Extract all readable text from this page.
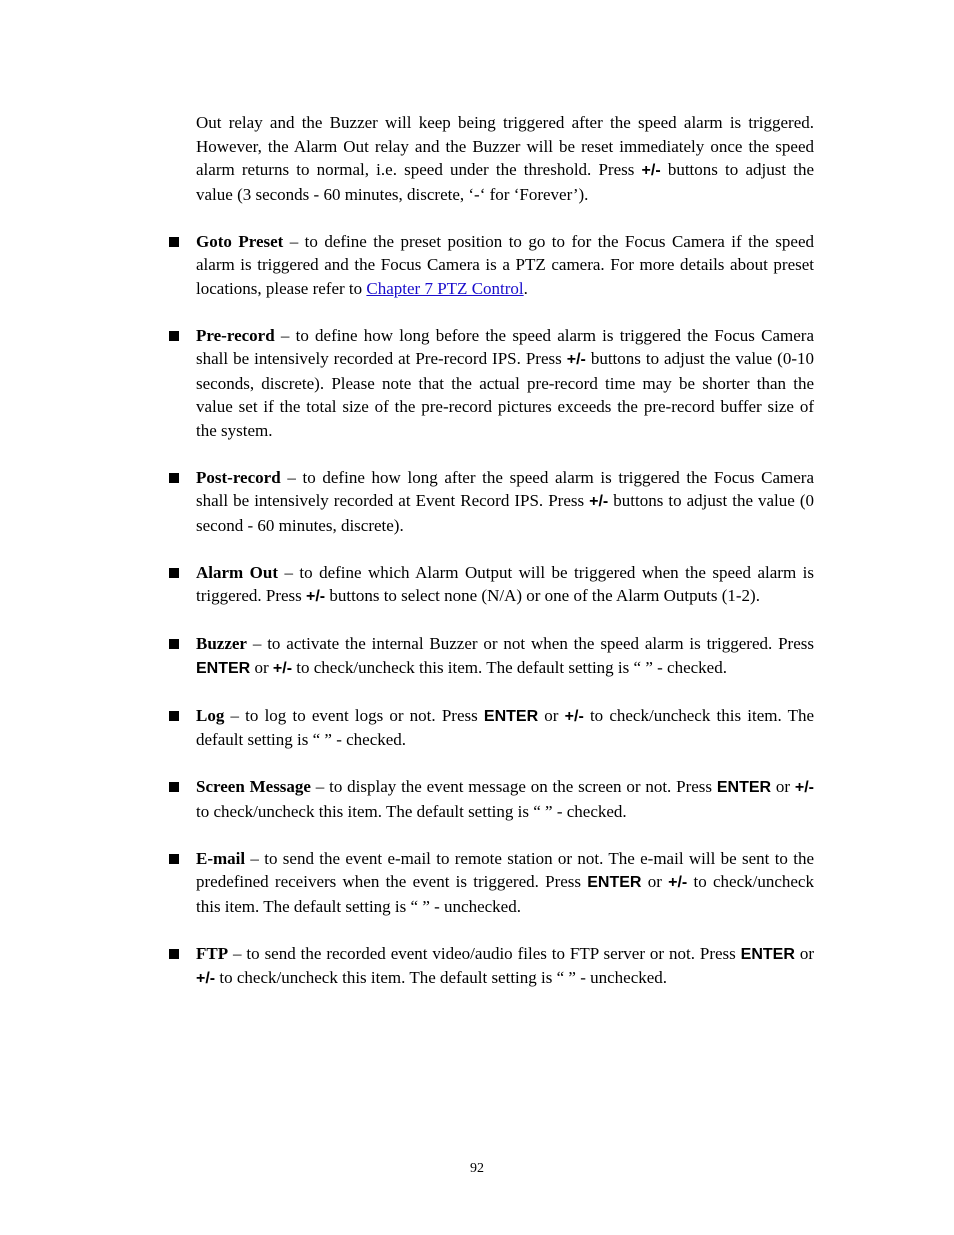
Out relay and the Buzzer will keep being triggered after the speed alarm is triggered. However, the Alarm Out relay and the Buzzer will be reset immediately once the speed alarm returns to normal, i.e. speed under the threshold. Press +/- buttons to adjust the value (3 seconds - 60 minutes, discrete, ‘-‘ for ‘Forever’).

Goto Preset – to define the preset position to go to for the Focus Camera if the speed alarm is triggered and the Focus Camera is a PTZ camera. For more details about preset locations, please refer to Chapter 7 PTZ Control.

Pre-record – to define how long before the speed alarm is triggered the Focus Camera shall be intensively recorded at Pre-record IPS. Press +/- buttons to adjust the value (0-10 seconds, discrete). Please note that the actual pre-record time may be shorter than the value set if the total size of the pre-record pictures exceeds the pre-record buffer size of the system.

Post-record – to define how long after the speed alarm is triggered the Focus Camera shall be intensively recorded at Event Record IPS. Press +/- buttons to adjust the value (0 second - 60 minutes, discrete).

Alarm Out – to define which Alarm Output will be triggered when the speed alarm is triggered. Press +/- buttons to select none (N/A) or one of the Alarm Outputs (1-2).

Buzzer – to activate the internal Buzzer or not when the speed alarm is triggered. Press ENTER or +/- to check/uncheck this item. The default setting is “ ” - checked.

Log – to log to event logs or not. Press ENTER or +/- to check/uncheck this item. The default setting is “ ” - checked.

Screen Message – to display the event message on the screen or not. Press ENTER or +/- to check/uncheck this item. The default setting is “ ” - checked.

E-mail – to send the event e-mail to remote station or not. The e-mail will be sent to the predefined receivers when the event is triggered. Press ENTER or +/- to check/uncheck this item. The default setting is “ ” - unchecked.

FTP – to send the recorded event video/audio files to FTP server or not. Press ENTER or +/- to check/uncheck this item. The default setting is “ ” - unchecked.

92
